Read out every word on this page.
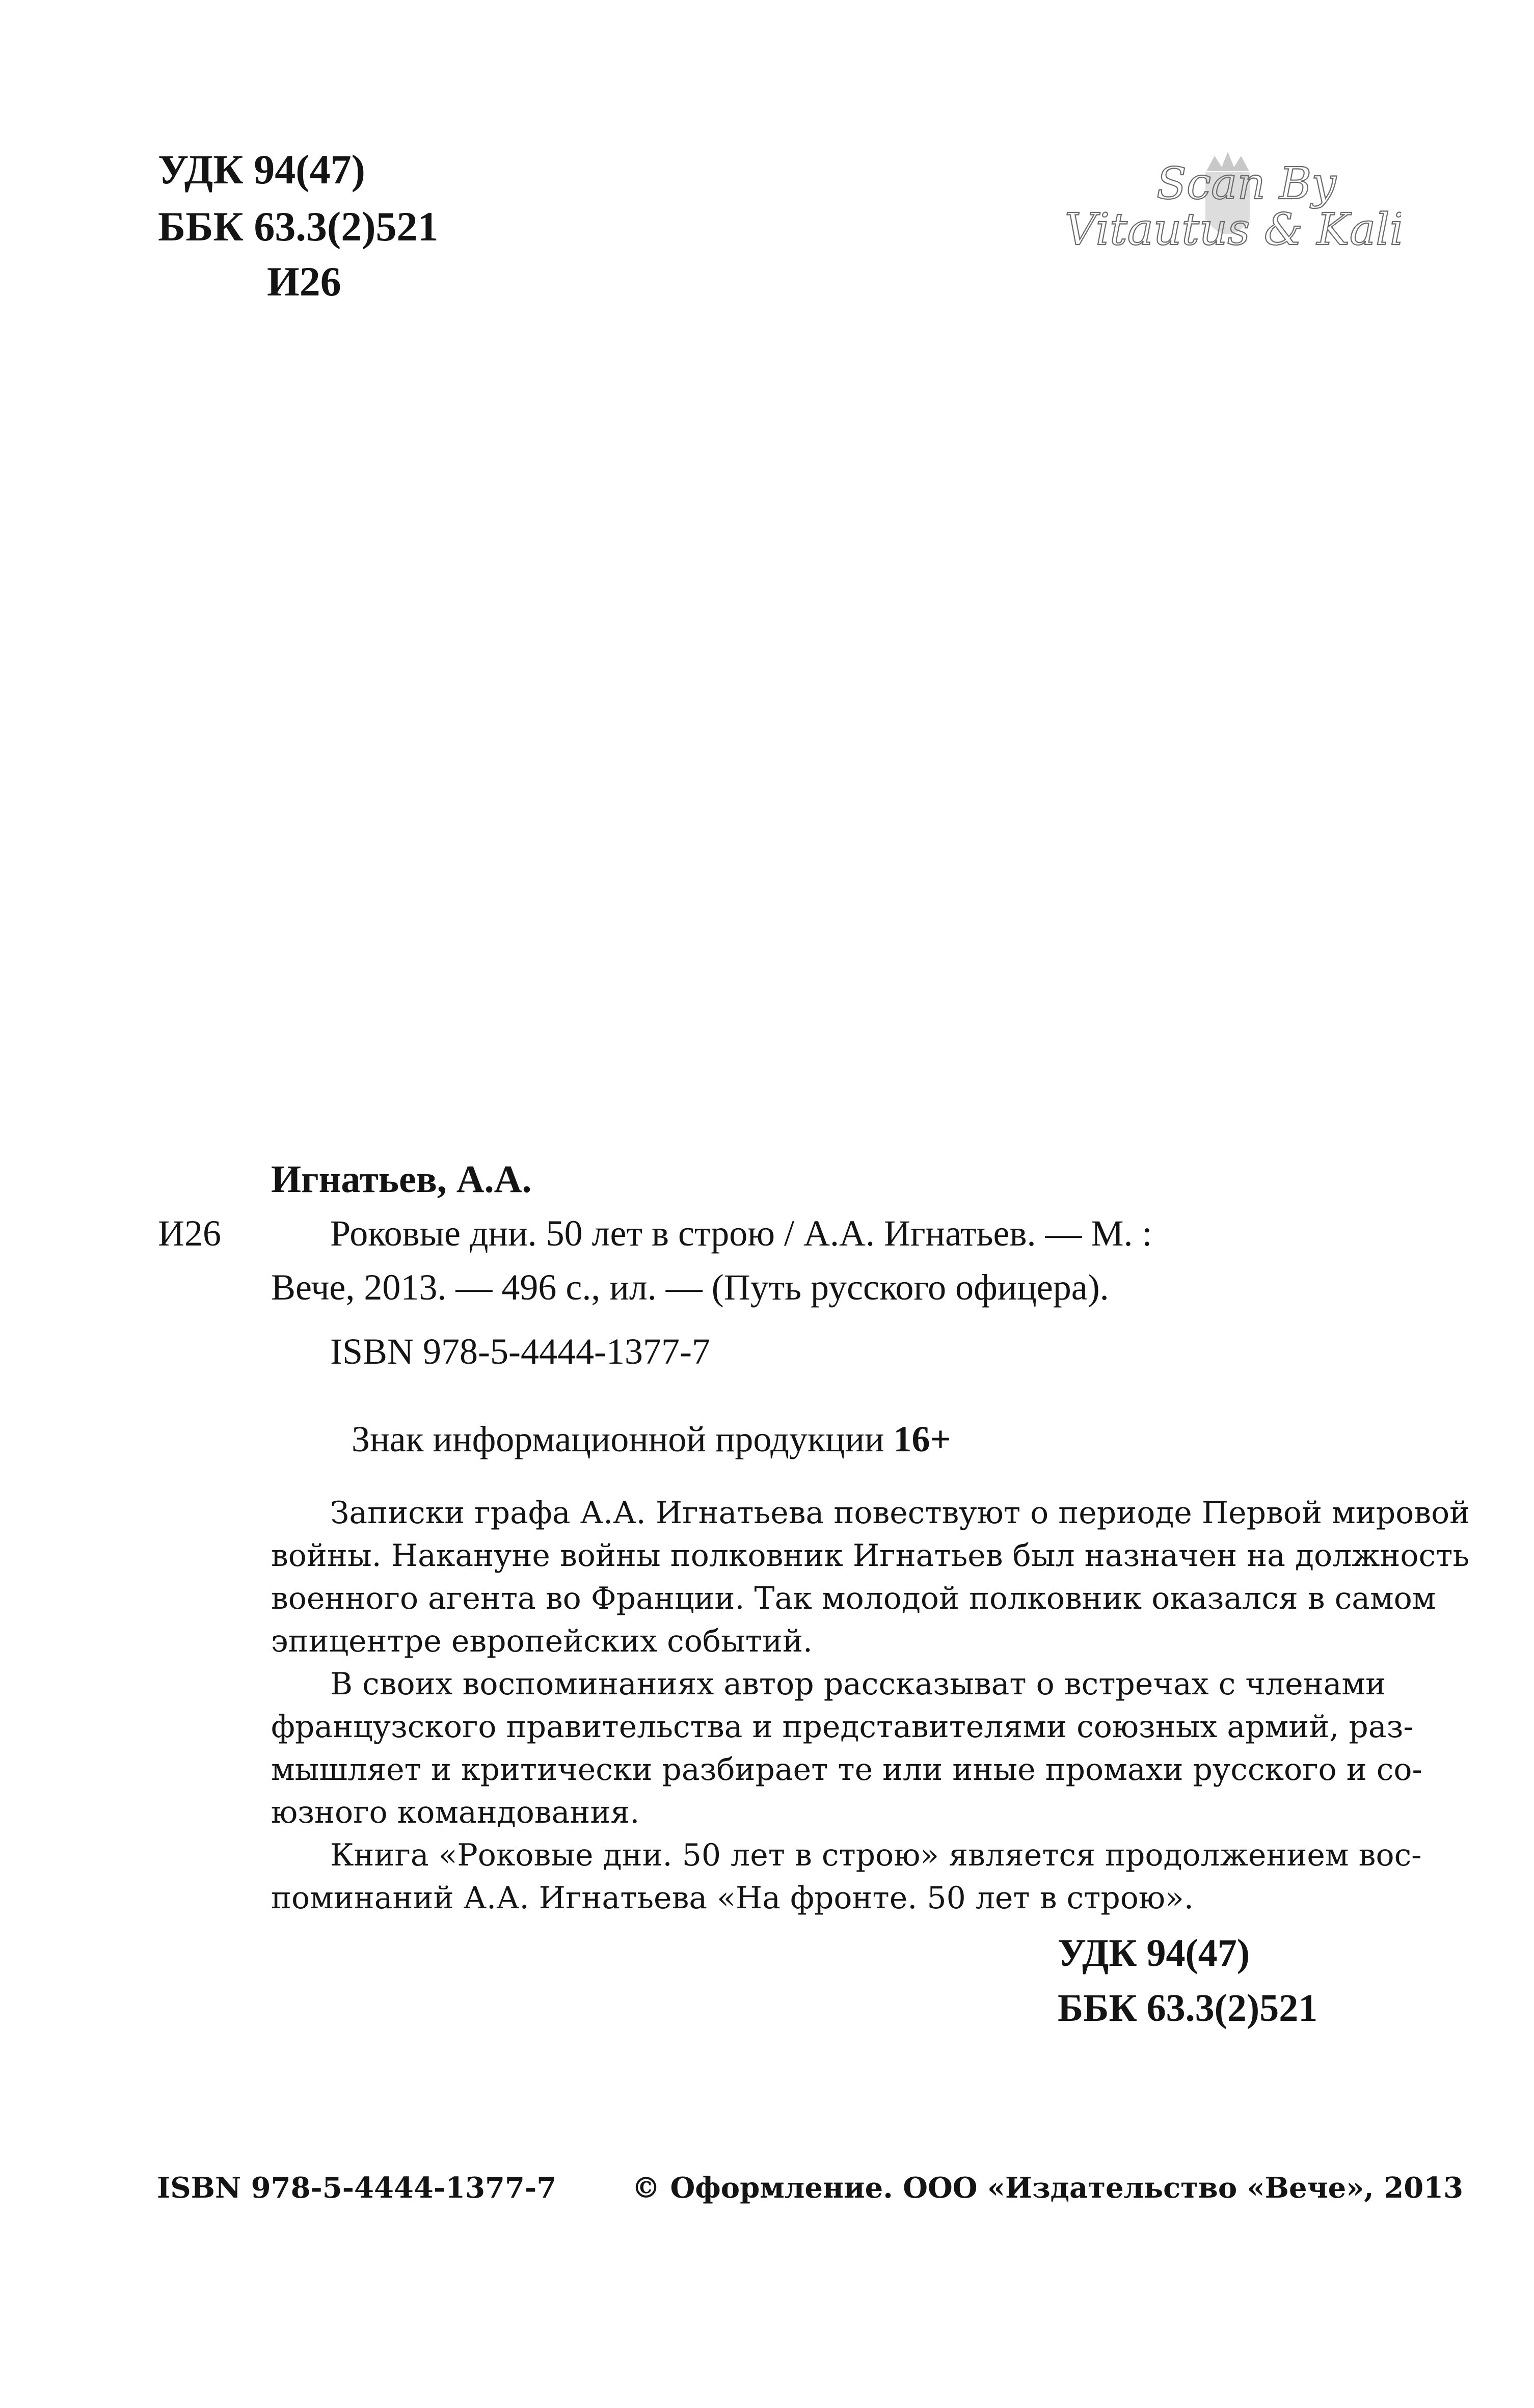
УДК 94(47)
ББК 63.3(2)521
И26
Scan By
Vitautus & Kali
Игнатьев, А.А.
И26	Роковые дни. 50 лет в строю / А.А. Игнатьев. — М. :
Вече, 2013. — 496 с., ил. — (Путь русского офицера).
ISBN 978-5-4444-1377-7
Знак информационной продукции 16+
Записки графа А.А. Игнатьева повествуют о периоде Первой мировой
войны. Накануне войны полковник Игнатьев был назначен на должность
военного агента во Франции. Так молодой полковник оказался в самом
эпицентре европейских событий.
В своих воспоминаниях автор рассказыват о встречах с членами
французского правительства и представителями союзных армий, раз-
мышляет и критически разбирает те или иные промахи русского и со-
юзного командования.
Книга «Роковые дни. 50 лет в строю» является продолжением вос-
поминаний А.А. Игнатьева «На фронте. 50 лет в строю».
УДК 94(47)
ББК 63.3(2)521
ISBN 978-5-4444-1377-7	© Оформление. ООО «Издательство «Вече», 2013
